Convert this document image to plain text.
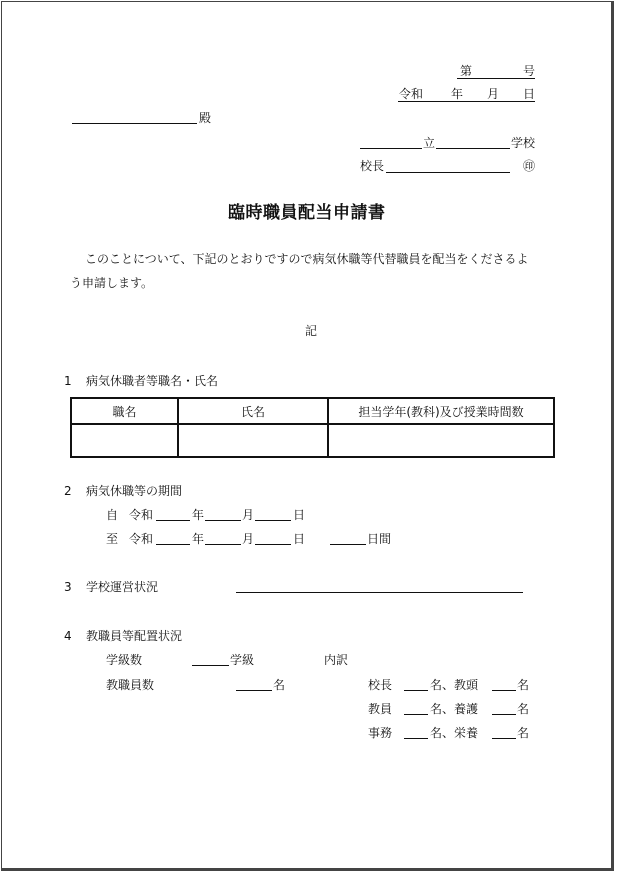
第	号
令和 年 月 日
殿
立	学校
校長	㊞
臨時職員配当申請書
このことについて、下記のとおりですので病気休職等代替職員を配当をくださるよ
う申請します。
記
1 病気休職者等職名・氏名
職名	氏名	担当学年(教科)及び授業時間数

2 病気休職等の期間
自 令和	年	月	日
至 令和	年	月	日	日間
3 学校運営状況
4 教職員等配置状況
学級数	学級	内訳
教職員数	名	校長	名、教頭	名
教員	名、養護	名
事務	名、栄養	名
